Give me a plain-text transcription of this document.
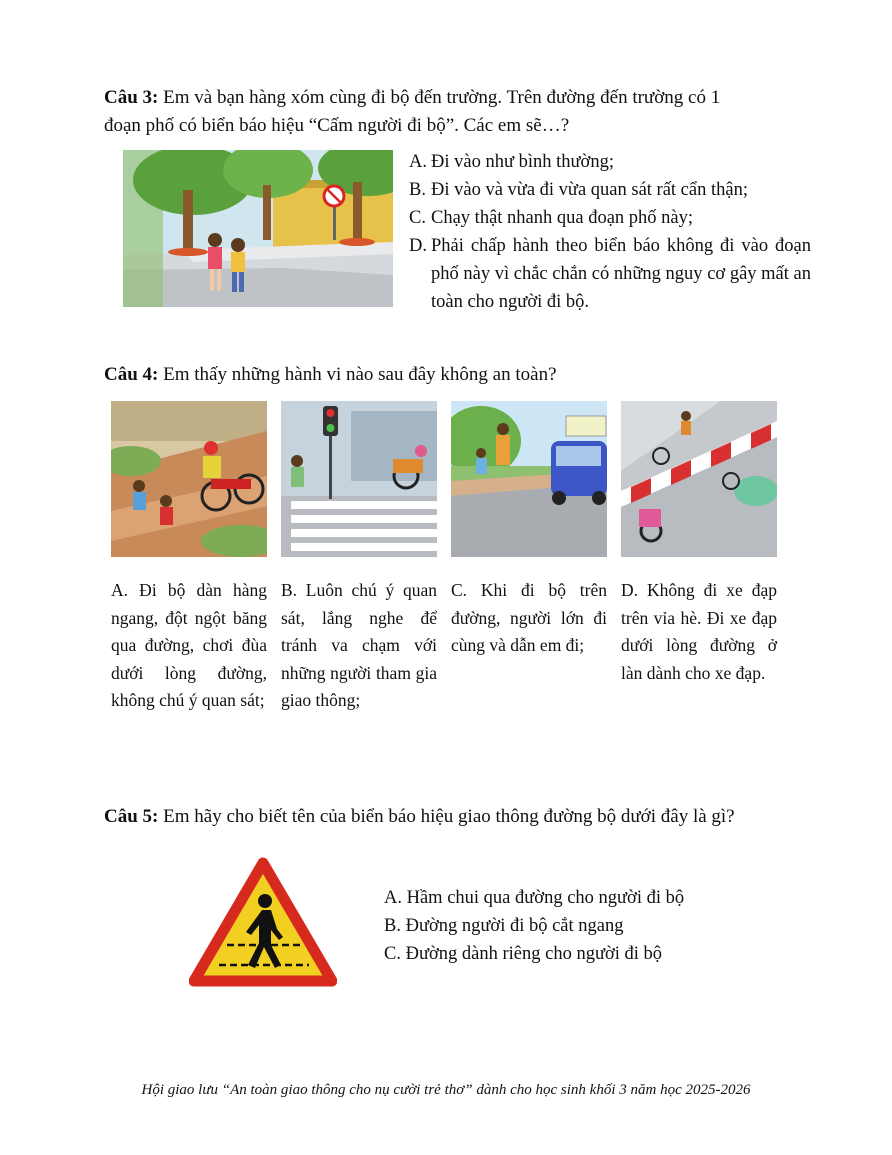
Câu 3: Em và bạn hàng xóm cùng đi bộ đến trường. Trên đường đến trường có 1
đoạn phố có biển báo hiệu “Cấm người đi bộ”. Các em sẽ…?
A. Đi vào như bình thường;
B. Đi vào và vừa đi vừa quan sát rất cẩn thận;
C. Chạy thật nhanh qua đoạn phố này;
D. Phải chấp hành theo biển báo không đi vào đoạn phố này vì chắc chắn có những nguy cơ gây mất an toàn cho người đi bộ.
Câu 4: Em thấy những hành vi nào sau đây không an toàn?
A. Đi bộ dàn hàng ngang, đột ngột băng qua đường, chơi đùa dưới lòng đường, không chú ý quan sát;
B. Luôn chú ý quan sát, lắng nghe để tránh va chạm với những người tham gia giao thông;
C. Khi đi bộ trên đường, người lớn đi cùng và dẫn em đi;
D. Không đi xe đạp trên vỉa hè. Đi xe đạp dưới lòng đường ở làn dành cho xe đạp.
Câu 5: Em hãy cho biết tên của biển báo hiệu giao thông đường bộ dưới đây là gì?
A. Hầm chui qua đường cho người đi bộ
B. Đường người đi bộ cắt ngang
C. Đường dành riêng cho người đi bộ
Hội giao lưu “An toàn giao thông cho nụ cười trẻ thơ” dành cho học sinh khối 3 năm học 2025-2026
